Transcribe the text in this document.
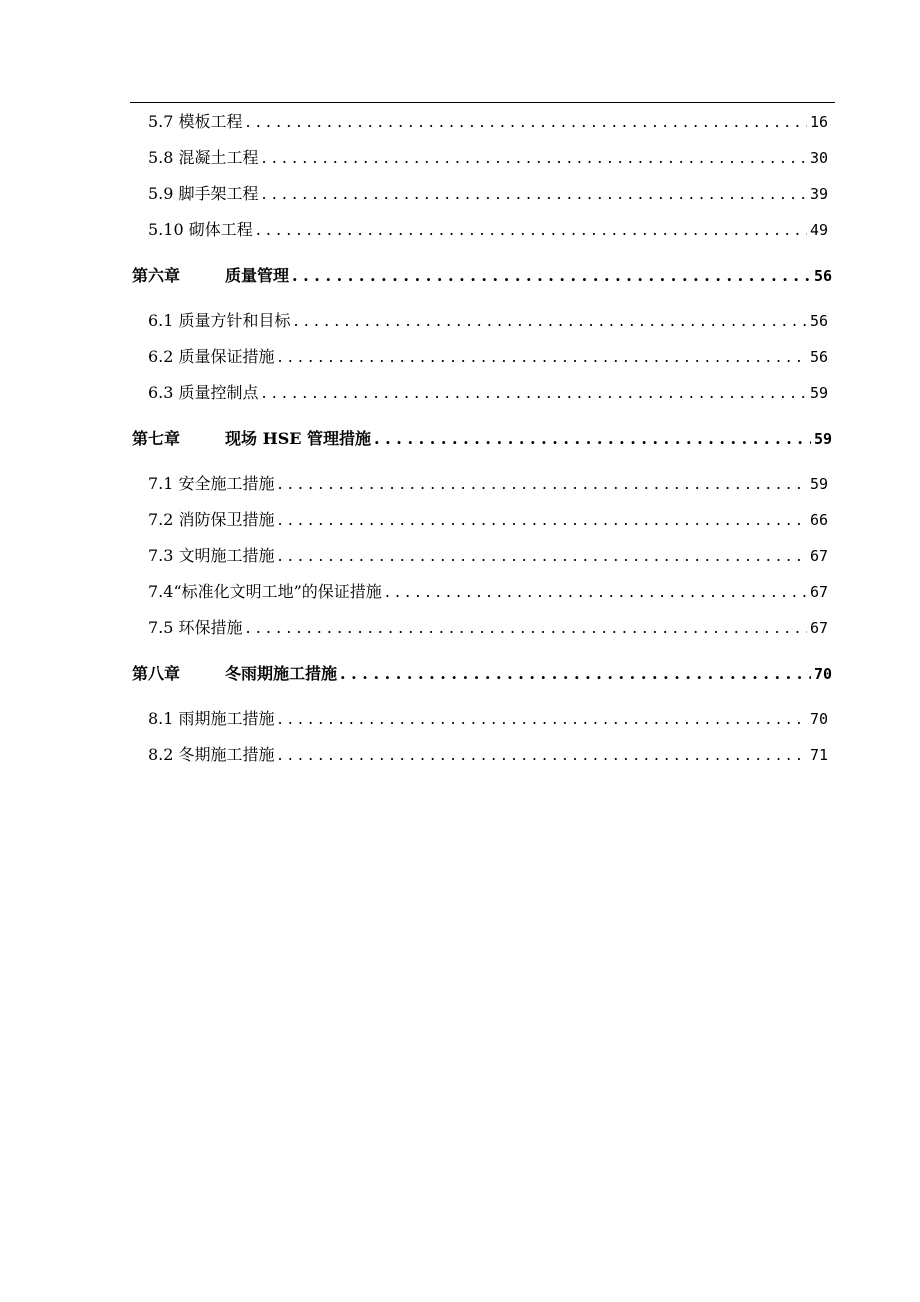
5.7 模板工程 . . .	16
5.8 混凝土工程 . . .	30
5.9 脚手架工程 . . .	39
5.10 砌体工程 . . .	49
第六章	质量管理 . . .	56
6.1 质量方针和目标 . . .	56
6.2 质量保证措施 . . .	56
6.3 质量控制点 . . .	59
第七章	现场 HSE 管理措施 . . .	59
7.1 安全施工措施 . . .	59
7.2 消防保卫措施 . . .	66
7.3 文明施工措施 . . .	67
7.4“标准化文明工地”的保证措施 . . .	67
7.5 环保措施 . . .	67
第八章	冬雨期施工措施 . . .	70
8.1 雨期施工措施 . . .	70
8.2 冬期施工措施 . . .	71
